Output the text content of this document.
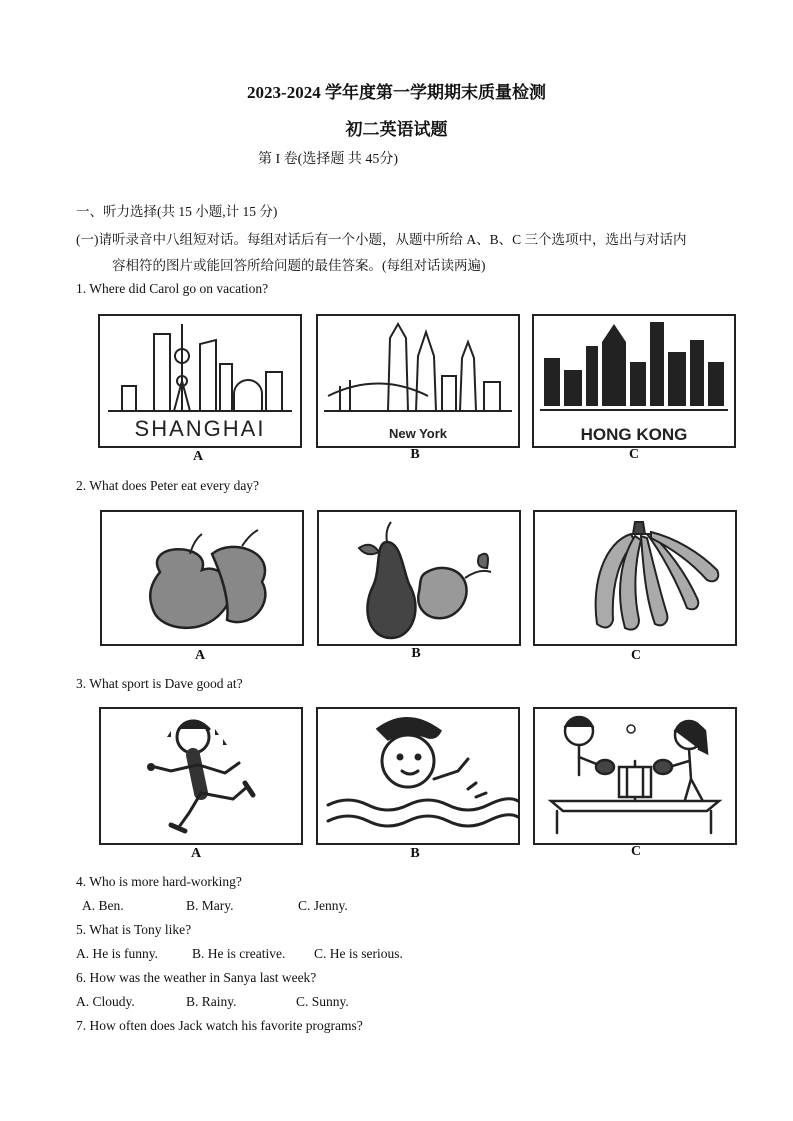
2023-2024 学年度第一学期期末质量检测
初二英语试题
第 I 卷(选择题 共 45分)
一、听力选择(共 15 小题,计 15 分)
(一)请听录音中八组短对话。每组对话后有一个小题，从题中所给 A、B、C 三个选项中，选出与对话内
容相符的图片或能回答所给问题的最佳答案。(每组对话读两遍)
1. Where did Carol go on vacation?
SHANGHAI	New York	HONG KONG
A	B	C
2. What does Peter eat every day?
A	B	C
3. What sport is Dave good at?
A	B	C
4. Who is more hard-working?
A. Ben.	B. Mary.	C. Jenny.
5. What is Tony like?
A. He is funny.	B. He is creative. C. He is serious.
6. How was the weather in Sanya last week?
A. Cloudy.	B. Rainy.	C. Sunny.
7. How often does Jack watch his favorite programs?
